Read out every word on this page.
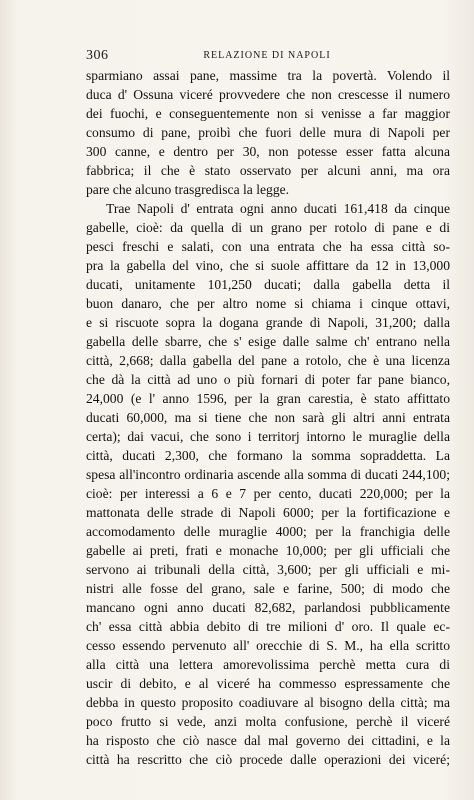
306	RELAZIONE DI NAPOLI
sparmiano assai pane, massime tra la povertà. Volendo il
duca d' Ossuna viceré provvedere che non crescesse il numero
dei fuochi, e conseguentemente non si venisse a far maggior
consumo di pane, proibì che fuori delle mura di Napoli per
300 canne, e dentro per 30, non potesse esser fatta alcuna
fabbrica; il che è stato osservato per alcuni anni, ma ora
pare che alcuno trasgredisca la legge.
Trae Napoli d' entrata ogni anno ducati 161,418 da cinque
gabelle, cioè: da quella di un grano per rotolo di pane e di
pesci freschi e salati, con una entrata che ha essa città so-
pra la gabella del vino, che si suole affittare da 12 in 13,000
ducati, unitamente 101,250 ducati; dalla gabella detta il
buon danaro, che per altro nome si chiama i cinque ottavi,
e si riscuote sopra la dogana grande di Napoli, 31,200; dalla
gabella delle sbarre, che s' esige dalle salme ch' entrano nella
città, 2,668; dalla gabella del pane a rotolo, che è una licenza
che dà la città ad uno o più fornari di poter far pane bianco,
24,000 (e l' anno 1596, per la gran carestia, è stato affittato
ducati 60,000, ma si tiene che non sarà gli altri anni entrata
certa); dai vacui, che sono i territorj intorno le muraglie della
città, ducati 2,300, che formano la somma sopraddetta. La
spesa all'incontro ordinaria ascende alla somma di ducati 244,100;
cioè: per interessi a 6 e 7 per cento, ducati 220,000; per la
mattonata delle strade di Napoli 6000; per la fortificazione e
accomodamento delle muraglie 4000; per la franchigia delle
gabelle ai preti, frati e monache 10,000; per gli ufficiali che
servono ai tribunali della città, 3,600; per gli ufficiali e mi-
nistri alle fosse del grano, sale e farine, 500; di modo che
mancano ogni anno ducati 82,682, parlandosi pubblicamente
ch' essa città abbia debito di tre milioni d' oro. Il quale ec-
cesso essendo pervenuto all' orecchie di S. M., ha ella scritto
alla città una lettera amorevolissima perchè metta cura di
uscir di debito, e al viceré ha commesso espressamente che
debba in questo proposito coadiuvare al bisogno della città; ma
poco frutto si vede, anzi molta confusione, perchè il viceré
ha risposto che ciò nasce dal mal governo dei cittadini, e la
città ha rescritto che ciò procede dalle operazioni dei viceré;
